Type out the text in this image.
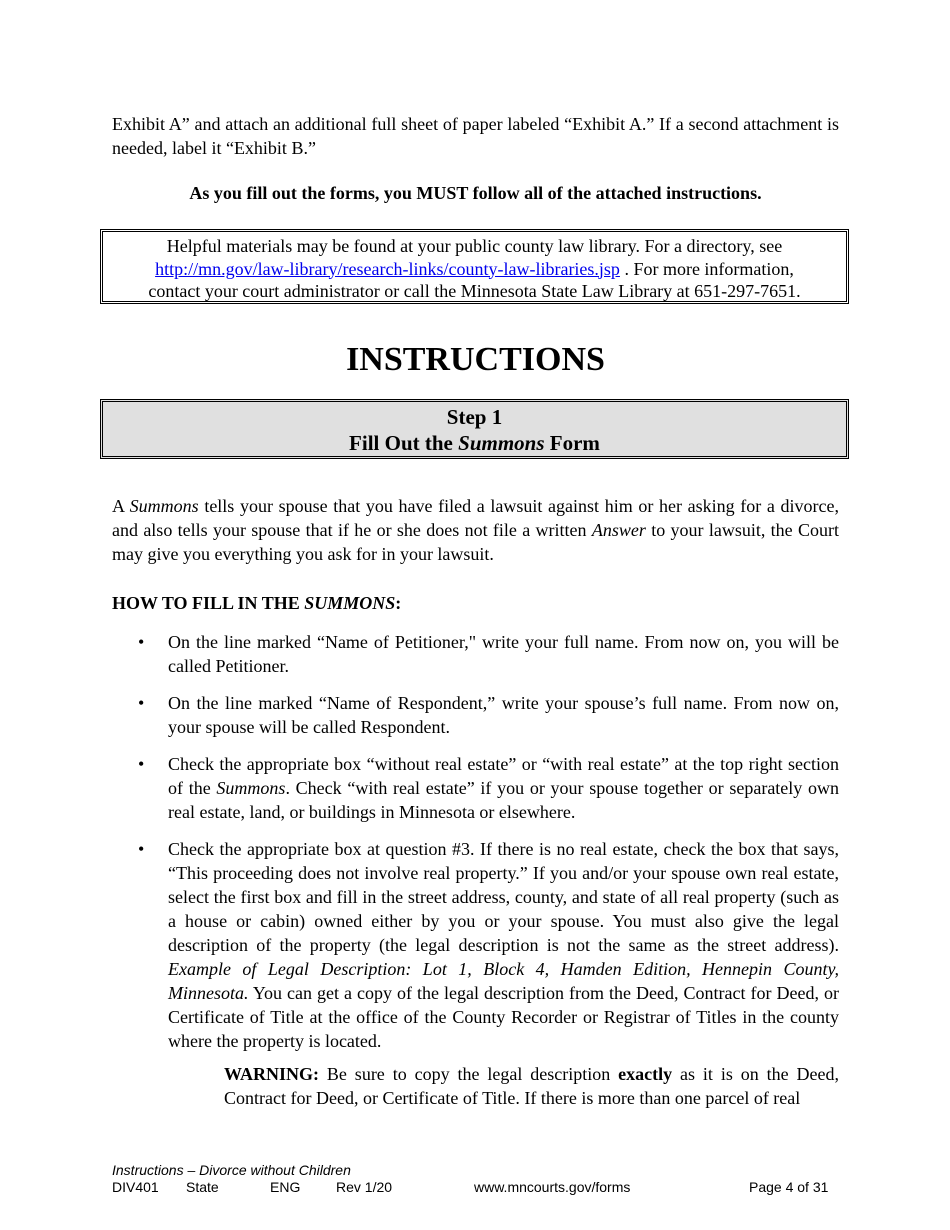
Exhibit A” and attach an additional full sheet of paper labeled “Exhibit A.” If a second attachment is needed, label it “Exhibit B.”
As you fill out the forms, you MUST follow all of the attached instructions.
Helpful materials may be found at your public county law library. For a directory, see
http://mn.gov/law-library/research-links/county-law-libraries.jsp . For more information,
contact your court administrator or call the Minnesota State Law Library at 651-297-7651.
INSTRUCTIONS
Step 1
Fill Out the Summons Form
A Summons tells your spouse that you have filed a lawsuit against him or her asking for a divorce, and also tells your spouse that if he or she does not file a written Answer to your lawsuit, the Court may give you everything you ask for in your lawsuit.
HOW TO FILL IN THE SUMMONS:
• On the line marked “Name of Petitioner," write your full name. From now on, you will be called Petitioner.
• On the line marked “Name of Respondent,” write your spouse’s full name. From now on, your spouse will be called Respondent.
• Check the appropriate box “without real estate” or “with real estate” at the top right section of the Summons. Check “with real estate” if you or your spouse together or separately own real estate, land, or buildings in Minnesota or elsewhere.
• Check the appropriate box at question #3. If there is no real estate, check the box that says, “This proceeding does not involve real property.” If you and/or your spouse own real estate, select the first box and fill in the street address, county, and state of all real property (such as a house or cabin) owned either by you or your spouse. You must also give the legal description of the property (the legal description is not the same as the street address). Example of Legal Description: Lot 1, Block 4, Hamden Edition, Hennepin County, Minnesota. You can get a copy of the legal description from the Deed, Contract for Deed, or Certificate of Title at the office of the County Recorder or Registrar of Titles in the county where the property is located.
WARNING: Be sure to copy the legal description exactly as it is on the Deed, Contract for Deed, or Certificate of Title. If there is more than one parcel of real
Instructions – Divorce without Children
DIV401 State	ENG	Rev 1/20	www.mncourts.gov/forms	Page 4 of 31
